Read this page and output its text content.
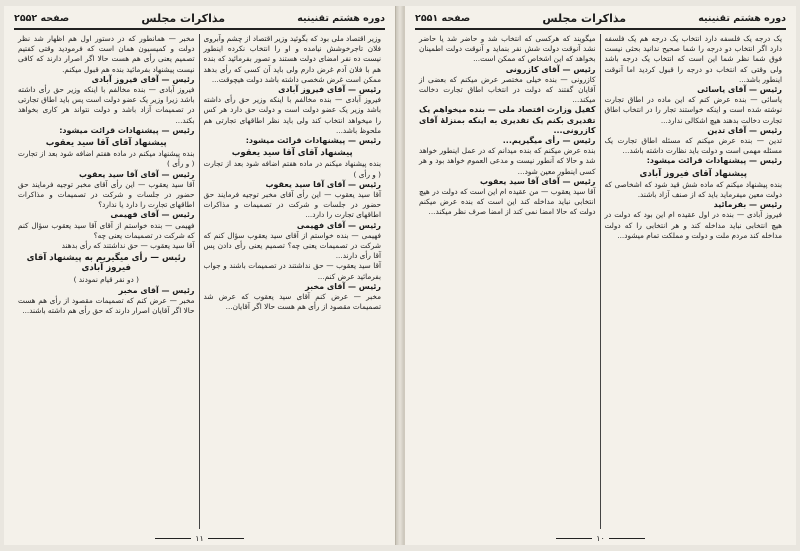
دوره هشتم تقنینیه
مذاکرات مجلس
صفحه ۲۵۵۲

وزیر اقتصاد ملی بود که بگوئید وزیر اقتصاد از چشم وآبروی فلان تاجرخوشش نیامده و او را انتخاب نکرده اینطور نیست ده نفر امضای دولت هستند و تصور بفرمائید که بنده هم با فلان آدم غرض دارم ولی باید آن کسی که رأی بدهد ممکن است غرض شخصی داشته باشد دولت هیچوقت...

رئیس — آقای فیروز آبادی

فیروز آبادی — بنده مخالفم با اینکه وزیر حق رأی داشته باشد وزیر یک عضو دولت است و دولت حق دارد هر کس را میخواهد انتخاب کند ولی باید نظر اطاقهای تجارتی هم ملحوظ باشد...

رئیس — پیشنهادات قرائت میشود:

پیشنهاد آقای آقا سید یعقوب

بنده پیشنهاد میکنم در ماده هفتم اضافه شود بعد از تجارت ( و رأی )

رئیس — آقای آقا سید یعقوب

آقا سید یعقوب — این رأی آقای مخبر توجیه فرمایند حق حضور در جلسات و شرکت در تصمیمات و مذاکرات اطاقهای تجارت را دارد...

رئیس — آقای فهیمی

فهیمی — بنده خواستم از آقای سید یعقوب سؤال کنم که شرکت در تصمیمات یعنی چه؟ تصمیم یعنی رأی دادن پس آقا رأی دارند...

آقا سید یعقوب — حق نداشتند در تصمیمات باشند و جواب بفرمائید عرض کنم...

رئیس — آقای مخبر

مخبر — عرض کنم آقای سید یعقوب که عرض شد تصمیمات مقصود از رأی هم هست حالا اگر آقایان...

مخبر — همانطور که در دستور اول هم اظهار شد نظر دولت و کمیسیون همان است که فرمودید وقتی کفتیم تصمیم یعنی رأی هم هست حالا اگر اصرار دارند که کافی نیست پیشنهاد بفرمائید بنده هم قبول میکنم.

رئیس — آقای فیروز آبادی

فیروز آبادی — بنده مخالفم با اینکه وزیر حق رأی داشته باشد زیرا وزیر یک عضو دولت است پس باید اطاق تجارتی در تصمیمات آزاد باشد و دولت نتواند هر کاری بخواهد بکند...

رئیس — پیشنهادات قرائت میشود:

پیشنهاد آقای آقا سید یعقوب

بنده پیشنهاد میکنم در ماده هفتم اضافه شود بعد از تجارت ( و رأی )

رئیس — آقای آقا سید یعقوب

آقا سید یعقوب — این رأی آقای مخبر توجیه فرمایند حق حضور در جلسات و شرکت در تصمیمات و مذاکرات اطاقهای تجارت را دارد یا ندارد؟

رئیس — آقای فهیمی

فهیمی — بنده خواستم از آقای آقا سید یعقوب سؤال کنم که شرکت در تصمیمات یعنی چه؟

آقا سید یعقوب — حق نداشتند که رأی بدهند

رئیس — رأی میگیریم به پیشنهاد آقای فیروز آبادی

( دو نفر قیام نمودند )

رئیس — آقای مخبر

مخبر — عرض کنم که تصمیمات مقصود از رأی هم هست حالا اگر آقایان اصرار دارند که حق رأی هم داشته باشند...

۱۱
دوره هشتم تقنینیه
مذاکرات مجلس
صفحه ۲۵۵۱

یک درجه یک فلسفه دارد انتخاب یک درجه هم یک فلسفه دارد اگر انتخاب دو درجه را شما صحیح ندانید بحثی نیست فوق شما نظر شما این است که انتخاب یک درجه باشد ولی وقتی که انتخاب دو درجه را قبول کردید اما آنوقت اینطور باشد...

رئیس — آقای یاسائی

یاسائی — بنده عرض کنم که این ماده در اطاق تجارت نوشته شده است و اینکه خواستند تجار را در انتخاب اطاق تجارت دخالت بدهند هیچ اشکالی ندارد...

رئیس — آقای تدین

تدین — بنده عرض میکنم که مسئله اطاق تجارت یک مسئله مهمی است و دولت باید نظارت داشته باشد...

رئیس — پیشنهادات قرائت میشود:

پیشنهاد آقای فیروز آبادی

بنده پیشنهاد میکنم که ماده شش قید شود که اشخاصی که دولت معین میفرماید باید که از صنف آزاد باشند.

رئیس — بفرمائید

فیروز آبادی — بنده در اول عقیده ام این بود که دولت در هیچ انتخابی نباید مداخله کند و هر انتخابی را که دولت مداخله کند مردم ملت و دولت و مملکت تمام میشود...

میگویند که هرکسی که انتخاب شد و حاضر شد یا حاضر نشد آنوقت دولت شش نفر بنماید و آنوقت دولت اطمینان بخواهد که این اشخاص که ممکن است...

رئیس — آقای کازرونی

کازرونی — بنده خیلی مختصر عرض میکنم که بعضی از آقایان گفتند که دولت در انتخاب اطاق تجارت دخالت میکند...

کفیل وزارت اقتصاد ملی — بنده میخواهم یک تقدیری بکنم یک تقدیری به اینکه بمنزلهٔ آقای کازرونی...

رئیس — رأی میگیریم...

بنده عرض میکنم که بنده میدانم که در عمل اینطور خواهد شد و حالا که آنطور نیست و مدعی العموم خواهد بود و هر کسی اینطور معین شود...

رئیس — آقای آقا سید یعقوب

آقا سید یعقوب — من عقیده ام این است که دولت در هیچ انتخابی نباید مداخله کند این است که بنده عرض میکنم دولت که حالا امضا نمی کند از امضا صرف نظر میکند...

۱۰
